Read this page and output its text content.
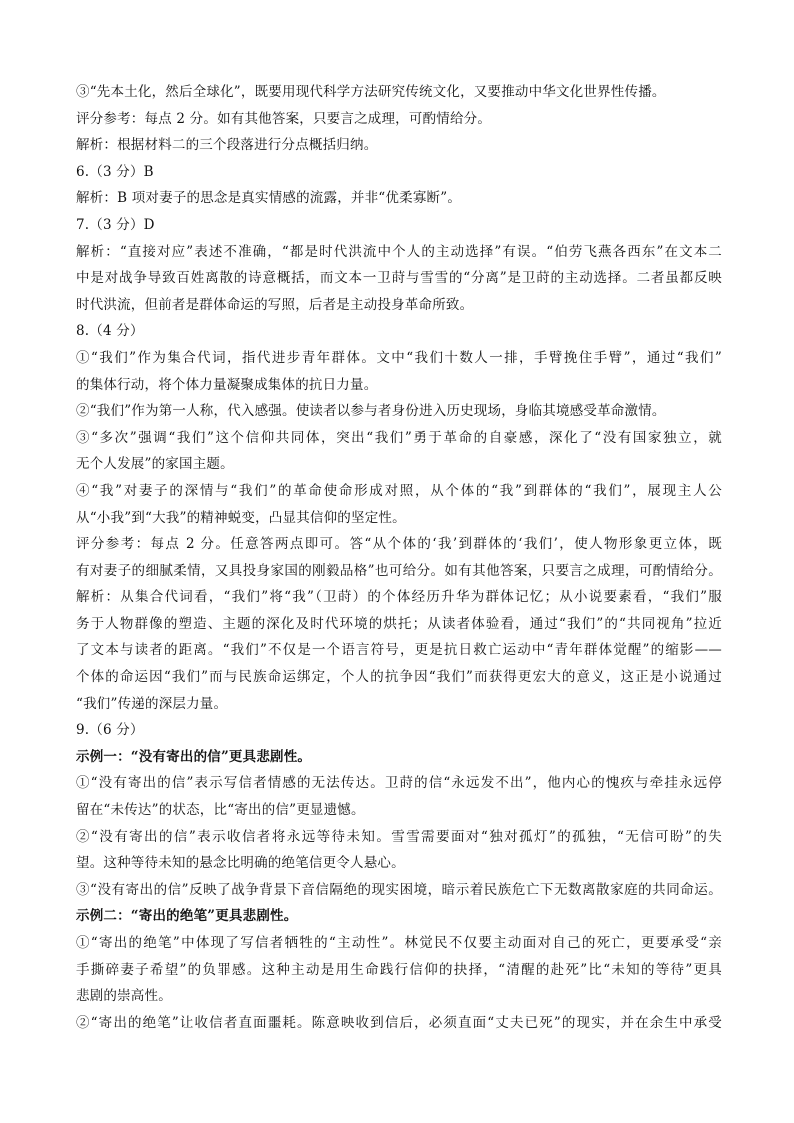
③“先本土化，然后全球化”，既要用现代科学方法研究传统文化，又要推动中华文化世界性传播。
评分参考：每点 2 分。如有其他答案，只要言之成理，可酌情给分。
解析：根据材料二的三个段落进行分点概括归纳。
6.（3 分）B
解析：B 项对妻子的思念是真实情感的流露，并非“优柔寡断”。
7.（3 分）D
解析：“直接对应”表述不准确，“都是时代洪流中个人的主动选择”有误。“伯劳飞燕各西东”在文本二
中是对战争导致百姓离散的诗意概括，而文本一卫莳与雪雪的“分离”是卫莳的主动选择。二者虽都反映
时代洪流，但前者是群体命运的写照，后者是主动投身革命所致。
8.（4 分）
①“我们”作为集合代词，指代进步青年群体。文中“我们十数人一排，手臂挽住手臂”，通过“我们”
的集体行动，将个体力量凝聚成集体的抗日力量。
②“我们”作为第一人称，代入感强。使读者以参与者身份进入历史现场，身临其境感受革命激情。
③“多次”强调“我们”这个信仰共同体，突出“我们”勇于革命的自豪感，深化了“没有国家独立，就
无个人发展”的家国主题。
④“我”对妻子的深情与“我们”的革命使命形成对照，从个体的“我”到群体的“我们”，展现主人公
从“小我”到“大我”的精神蜕变，凸显其信仰的坚定性。
评分参考：每点 2 分。任意答两点即可。答“从个体的‘我’到群体的‘我们’，使人物形象更立体，既
有对妻子的细腻柔情，又具投身家国的刚毅品格”也可给分。如有其他答案，只要言之成理，可酌情给分。
解析：从集合代词看，“我们”将“我”（卫莳）的个体经历升华为群体记忆；从小说要素看，“我们”服
务于人物群像的塑造、主题的深化及时代环境的烘托；从读者体验看，通过“我们”的“共同视角”拉近
了文本与读者的距离。“我们”不仅是一个语言符号，更是抗日救亡运动中“青年群体觉醒”的缩影——
个体的命运因“我们”而与民族命运绑定，个人的抗争因“我们”而获得更宏大的意义，这正是小说通过
“我们”传递的深层力量。
9.（6 分）
示例一：“没有寄出的信”更具悲剧性。
①“没有寄出的信”表示写信者情感的无法传达。卫莳的信“永远发不出”，他内心的愧疚与牵挂永远停
留在“未传达”的状态，比“寄出的信”更显遗憾。
②“没有寄出的信”表示收信者将永远等待未知。雪雪需要面对“独对孤灯”的孤独，“无信可盼”的失
望。这种等待未知的悬念比明确的绝笔信更令人悬心。
③“没有寄出的信”反映了战争背景下音信隔绝的现实困境，暗示着民族危亡下无数离散家庭的共同命运。
示例二：“寄出的绝笔”更具悲剧性。
①“寄出的绝笔”中体现了写信者牺牲的“主动性”。林觉民不仅要主动面对自己的死亡，更要承受“亲
手撕碎妻子希望”的负罪感。这种主动是用生命践行信仰的抉择，“清醒的赴死”比“未知的等待”更具
悲剧的崇高性。
②“寄出的绝笔”让收信者直面噩耗。陈意映收到信后，必须直面“丈夫已死”的现实，并在余生中承受
